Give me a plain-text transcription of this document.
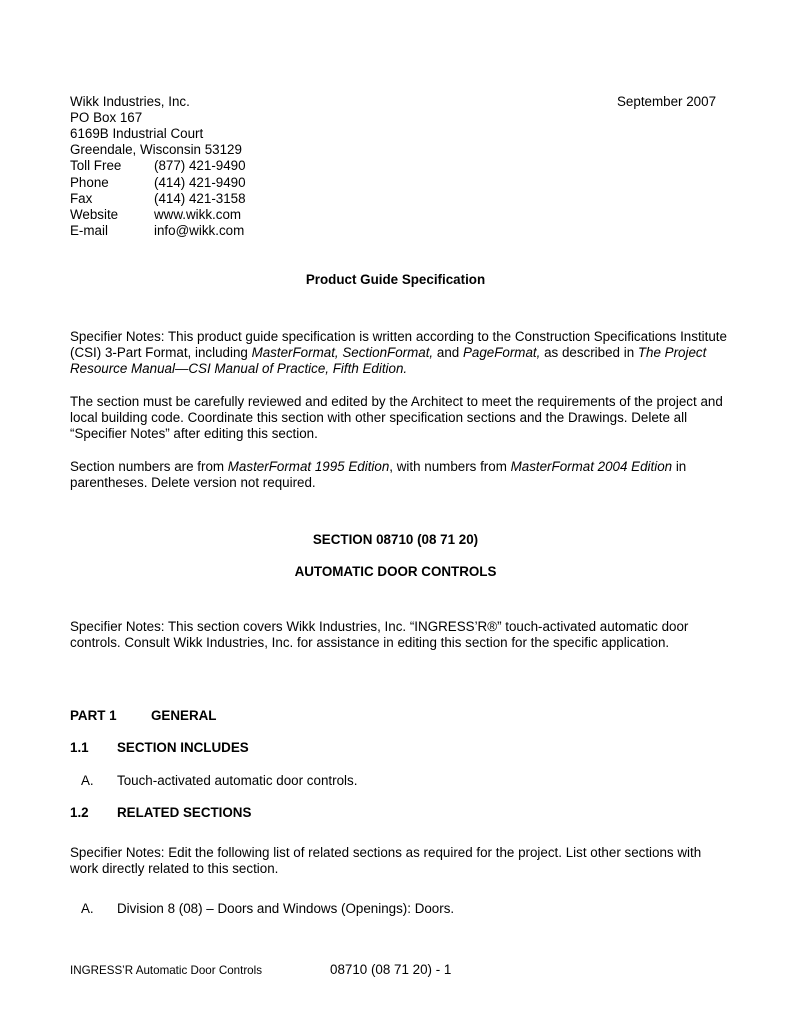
Wikk Industries, Inc.	September 2007
PO Box 167
6169B Industrial Court
Greendale, Wisconsin 53129
Toll Free (877) 421-9490
Phone	(414) 421-9490
Fax	(414) 421-3158
Website	www.wikk.com
E-mail	info@wikk.com
Product Guide Specification
Specifier Notes: This product guide specification is written according to the Construction Specifications Institute (CSI) 3-Part Format, including MasterFormat, SectionFormat, and PageFormat, as described in The Project Resource Manual—CSI Manual of Practice, Fifth Edition.
The section must be carefully reviewed and edited by the Architect to meet the requirements of the project and local building code. Coordinate this section with other specification sections and the Drawings. Delete all “Specifier Notes” after editing this section.
Section numbers are from MasterFormat 1995 Edition, with numbers from MasterFormat 2004 Edition in parentheses. Delete version not required.
SECTION 08710 (08 71 20)
AUTOMATIC DOOR CONTROLS
Specifier Notes: This section covers Wikk Industries, Inc. “INGRESS’R®” touch-activated automatic door controls. Consult Wikk Industries, Inc. for assistance in editing this section for the specific application.
PART 1	GENERAL
1.1 SECTION INCLUDES
A. Touch-activated automatic door controls.
1.2 RELATED SECTIONS
Specifier Notes: Edit the following list of related sections as required for the project. List other sections with work directly related to this section.
A. Division 8 (08) – Doors and Windows (Openings): Doors.
INGRESS’R Automatic Door Controls	08710 (08 71 20) - 1
